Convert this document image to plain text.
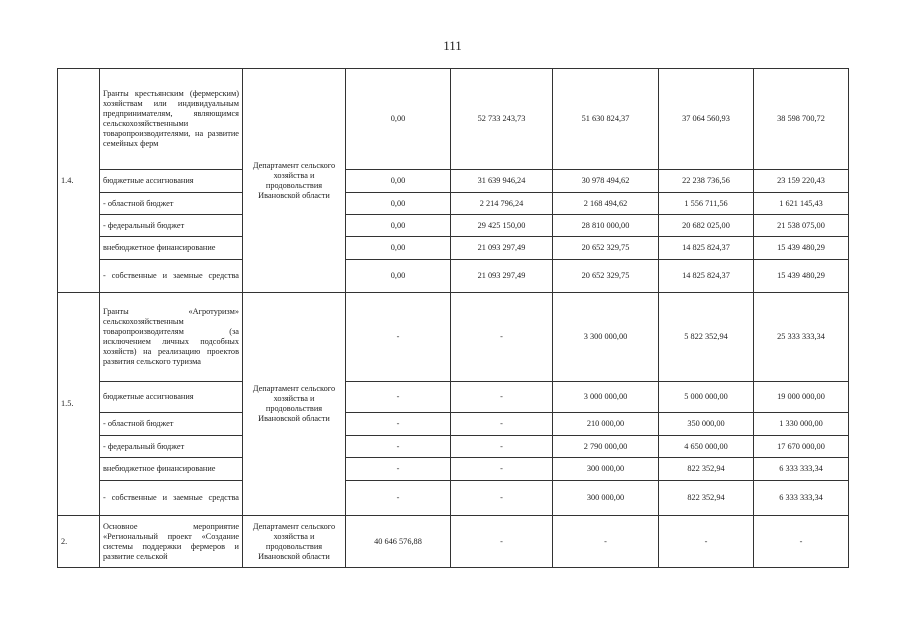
111
1.4.	Гранты крестьянским (фермерским) хозяйствам или индивидуальным предпринимателям, являющимся сельскохозяйственными товаропроизводителями, на развитие семейных ферм	Департамент сельского хозяйства и продовольствия Ивановской области	0,00	52 733 243,73	51 630 824,37	37 064 560,93	38 598 700,72
	бюджетные ассигнования		0,00	31 639 946,24	30 978 494,62	22 238 736,56	23 159 220,43
	- областной бюджет		0,00	2 214 796,24	2 168 494,62	1 556 711,56	1 621 145,43
	- федеральный бюджет		0,00	29 425 150,00	28 810 000,00	20 682 025,00	21 538 075,00
	внебюджетное финансирование		0,00	21 093 297,49	20 652 329,75	14 825 824,37	15 439 480,29
	- собственные и заемные средства		0,00	21 093 297,49	20 652 329,75	14 825 824,37	15 439 480,29
1.5.	Гранты «Агротуризм» сельскохозяйственным товаропроизводителям (за исключением личных подсобных хозяйств) на реализацию проектов развития сельского туризма	Департамент сельского хозяйства и продовольствия Ивановской области	-	-	3 300 000,00	5 822 352,94	25 333 333,34
	бюджетные ассигнования		-	-	3 000 000,00	5 000 000,00	19 000 000,00
	- областной бюджет		-	-	210 000,00	350 000,00	1 330 000,00
	- федеральный бюджет		-	-	2 790 000,00	4 650 000,00	17 670 000,00
	внебюджетное финансирование		-	-	300 000,00	822 352,94	6 333 333,34
	- собственные и заемные средства		-	-	300 000,00	822 352,94	6 333 333,34
2.	Основное мероприятие «Региональный проект «Создание системы поддержки фермеров и развитие сельской	Департамент сельского хозяйства и продовольствия Ивановской области	40 646 576,88	-	-	-	-
